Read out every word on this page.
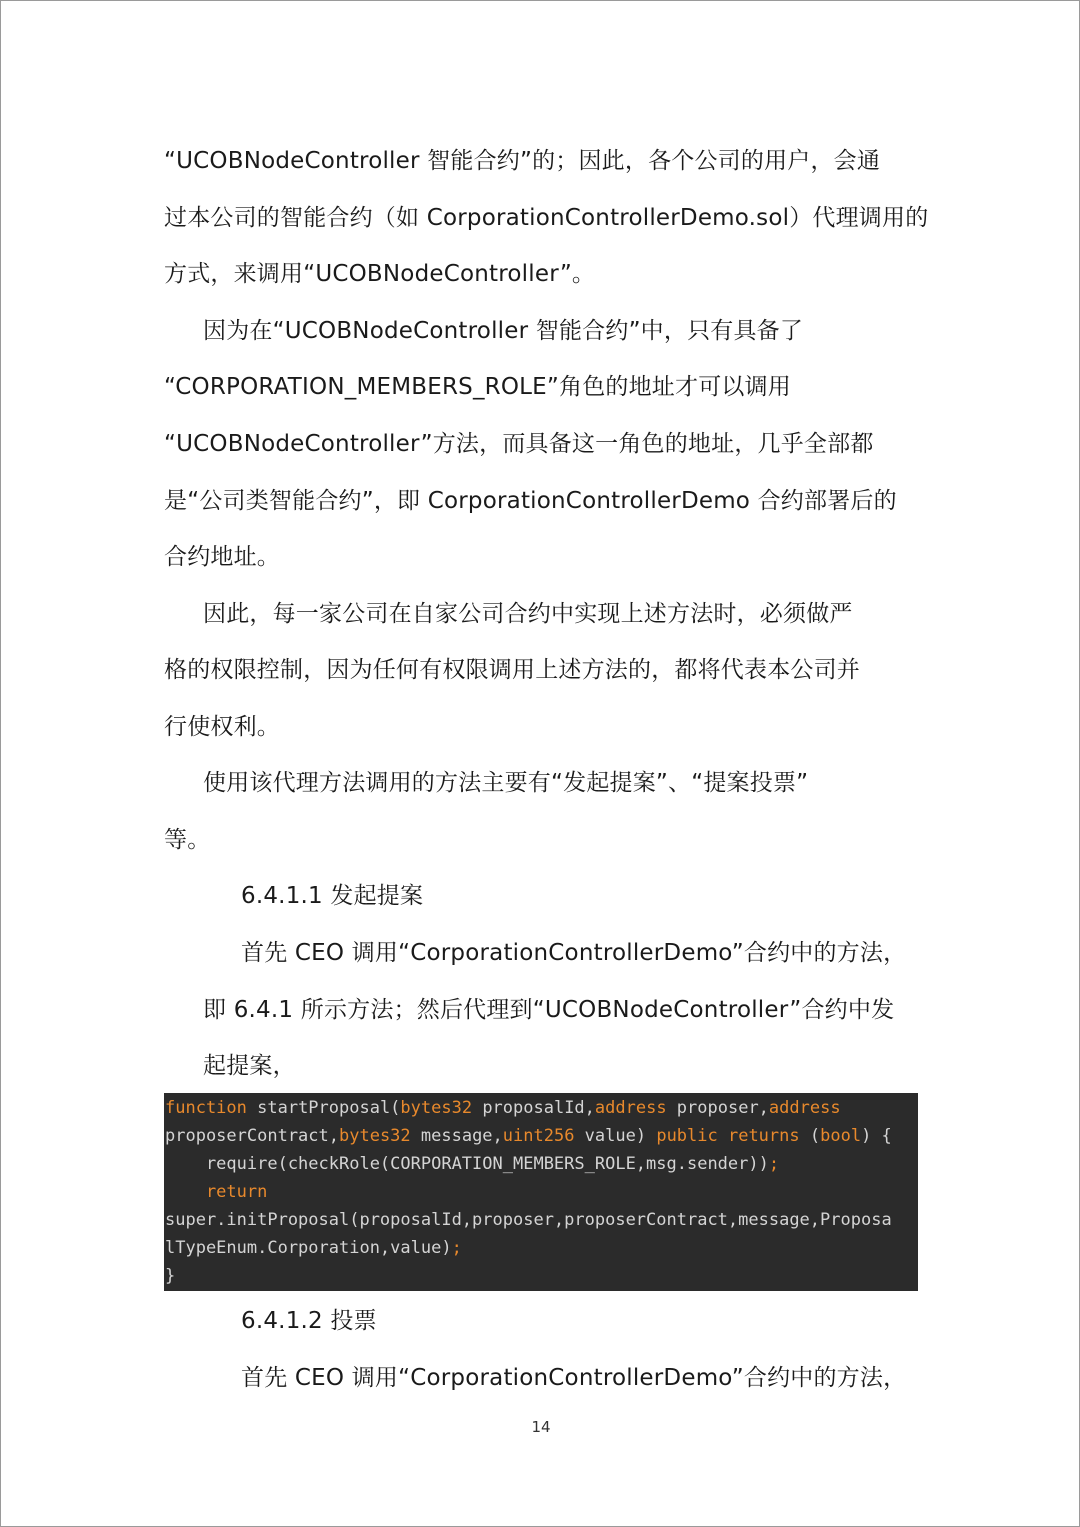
“UCOBNodeController 智能合约”的；因此，各个公司的用户，会通
过本公司的智能合约（如 CorporationControllerDemo.sol）代理调用的
方式，来调用“UCOBNodeController”。
因为在“UCOBNodeController 智能合约”中，只有具备了
“CORPORATION_MEMBERS_ROLE”角色的地址才可以调用
“UCOBNodeController”方法，而具备这一角色的地址，几乎全部都
是“公司类智能合约”，即 CorporationControllerDemo 合约部署后的
合约地址。
因此，每一家公司在自家公司合约中实现上述方法时，必须做严
格的权限控制，因为任何有权限调用上述方法的，都将代表本公司并
行使权利。
使用该代理方法调用的方法主要有“发起提案”、“提案投票”
等。
6.4.1.1 发起提案
首先 CEO 调用“CorporationControllerDemo”合约中的方法，
即 6.4.1 所示方法；然后代理到“UCOBNodeController”合约中发
起提案，
function startProposal(bytes32 proposalId,address proposer,address
proposerContract,bytes32 message,uint256 value) public returns (bool) {
require(checkRole(CORPORATION_MEMBERS_ROLE,msg.sender));
return
super.initProposal(proposalId,proposer,proposerContract,message,Proposa
lTypeEnum.Corporation,value);
}
6.4.1.2 投票
首先 CEO 调用“CorporationControllerDemo”合约中的方法，
14
